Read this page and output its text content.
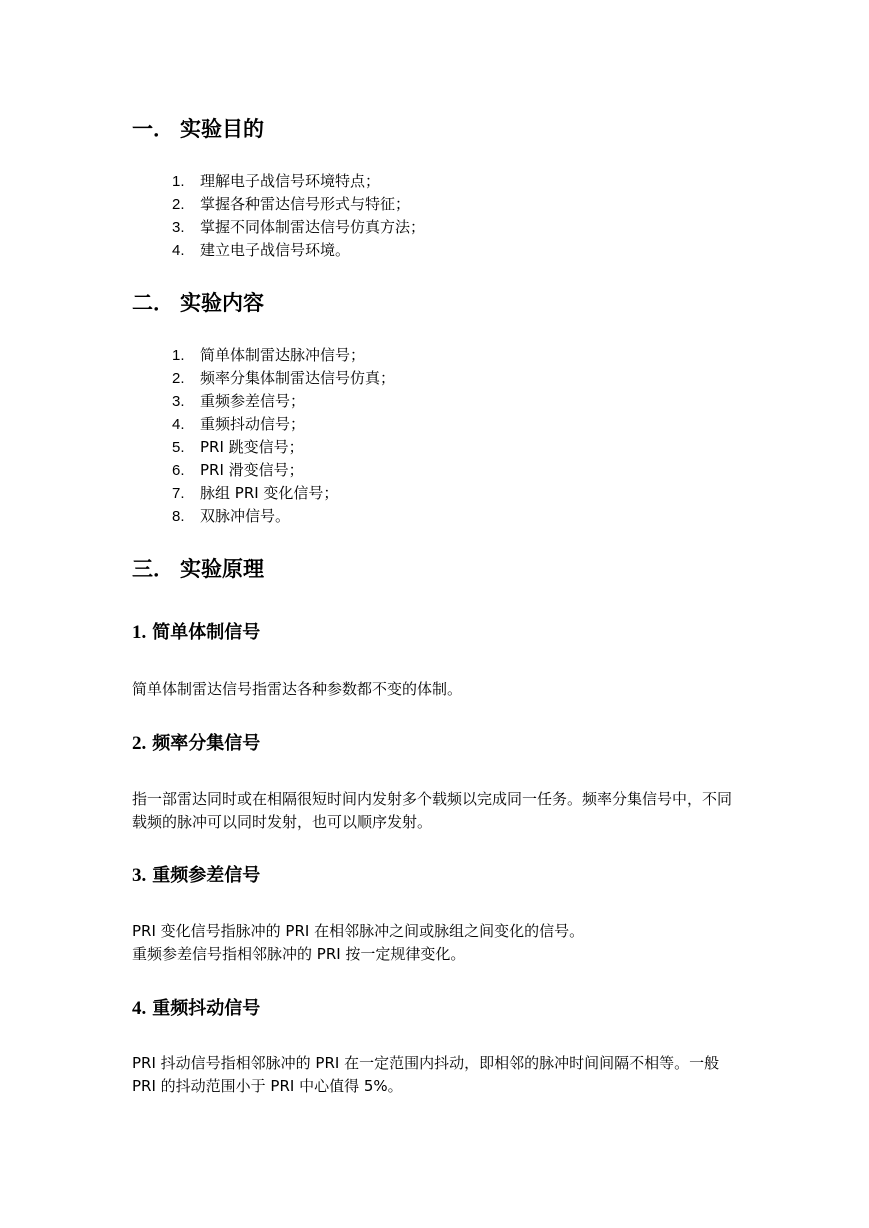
一． 实验目的
1. 理解电子战信号环境特点；
2. 掌握各种雷达信号形式与特征；
3. 掌握不同体制雷达信号仿真方法；
4. 建立电子战信号环境。
二． 实验内容
1. 简单体制雷达脉冲信号；
2. 频率分集体制雷达信号仿真；
3. 重频参差信号；
4. 重频抖动信号；
5. PRI 跳变信号；
6. PRI 滑变信号；
7. 脉组 PRI 变化信号；
8. 双脉冲信号。
三． 实验原理
1. 简单体制信号

简单体制雷达信号指雷达各种参数都不变的体制。

2. 频率分集信号

指一部雷达同时或在相隔很短时间内发射多个载频以完成同一任务。频率分集信号中，不同载频的脉冲可以同时发射，也可以顺序发射。

3. 重频参差信号

PRI 变化信号指脉冲的 PRI 在相邻脉冲之间或脉组之间变化的信号。

重频参差信号指相邻脉冲的 PRI 按一定规律变化。

4. 重频抖动信号

PRI 抖动信号指相邻脉冲的 PRI 在一定范围内抖动，即相邻的脉冲时间间隔不相等。一般 PRI 的抖动范围小于 PRI 中心值得 5%。
